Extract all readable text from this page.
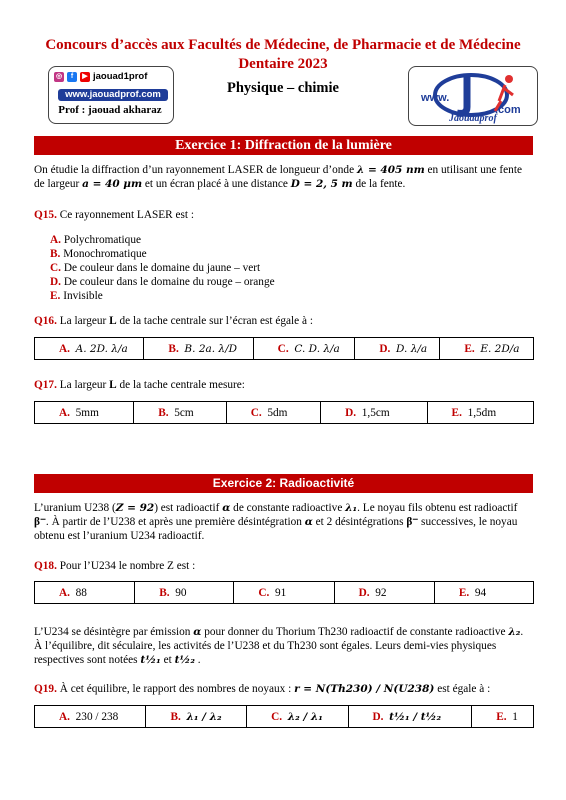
Concours d’accès aux Facultés de Médecine, de Pharmacie et de Médecine
Dentaire 2023
◎	f	▶ jaouad1prof
www.jaouadprof.com
Prof : jaouad akharaz
Physique – chimie
www.
.com
Jaouadprof
Exercice 1: Diffraction de la lumière
On étudie la diffraction d’un rayonnement LASER de longueur d’onde λ = 405 nm en utilisant une fente
de largeur a = 40 μm et un écran placé à une distance D = 2, 5 m de la fente.
Q15. Ce rayonnement LASER est :
A. Polychromatique
B. Monochromatique
C. De couleur dans le domaine du jaune – vert
D. De couleur dans le domaine du rouge – orange
E. Invisible
Q16. La largeur L de la tache centrale sur l’écran est égale à :
A. A. 2D. λ/a	B. B. 2a. λ/D	C. C. D. λ/a	D. D. λ/a	E. E. 2D/a
Q17. La largeur L de la tache centrale mesure:
A. 5mm	B. 5cm	C. 5dm	D. 1,5cm	E. 1,5dm
Exercice 2: Radioactivité
L’uranium U238 (Z = 92) est radioactif α de constante radioactive λ₁. Le noyau fils obtenu est radioactif
β⁻. À partir de l’U238 et après une première désintégration α et 2 désintégrations β⁻ successives, le noyau
obtenu est l’uranium U234 radioactif.
Q18. Pour l’U234 le nombre Z est :
A. 88	B. 90	C. 91	D. 92	E. 94
L’U234 se désintègre par émission α pour donner du Thorium Th230 radioactif de constante radioactive λ₂.
À l’équilibre, dit séculaire, les activités de l’U238 et du Th230 sont égales. Leurs demi-vies physiques
respectives sont notées t½₁ et t½₂ .
Q19. À cet équilibre, le rapport des nombres de noyaux : r = N(Th230) / N(U238) est égale à :
A. 230 / 238	B. λ₁ / λ₂	C. λ₂ / λ₁	D. t½₁ / t½₂	E. 1
